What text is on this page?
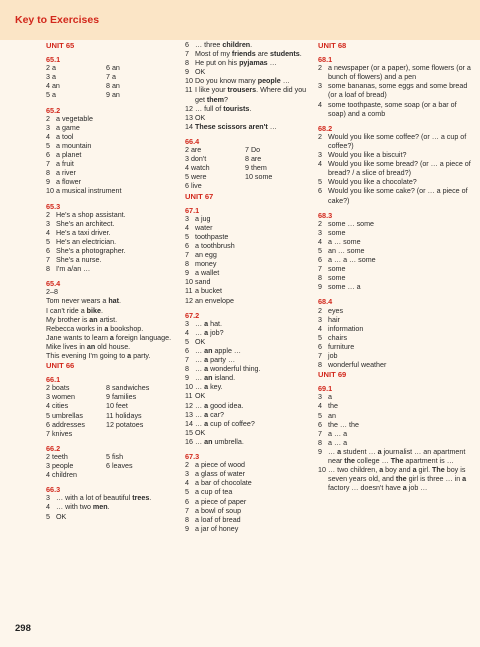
Key to Exercises
UNIT 65
65.1
2 a	6 an
3 a	7 a
4 an	8 an
5 a	9 an
65.2
2 a vegetable
3 a game
4 a tool
5 a mountain
6 a planet
7 a fruit
8 a river
9 a flower
10 a musical instrument
65.3
2 He's a shop assistant.
3 She's an architect.
4 He's a taxi driver.
5 He's an electrician.
6 She's a photographer.
7 She's a nurse.
8 I'm a/an …
65.4
2–8
Tom never wears a hat.
I can't ride a bike.
My brother is an artist.
Rebecca works in a bookshop.
Jane wants to learn a foreign language.
Mike lives in an old house.
This evening I'm going to a party.
UNIT 66
66.1
2 boats	8 sandwiches
3 women	9 families
4 cities	10 feet
5 umbrellas	11 holidays
6 addresses	12 potatoes
7 knives
66.2
2 teeth	5 fish
3 people	6 leaves
4 children
66.3
3 … with a lot of beautiful trees.
4 … with two men.
5 OK
6 … three children.
7 Most of my friends are students.
8 He put on his pyjamas …
9 OK
10 Do you know many people …
11 I like your trousers. Where did you get them?
12 … full of tourists.
13 OK
14 These scissors aren't …
66.4
2 are	7 Do
3 don't	8 are
4 watch	9 them
5 were	10 some
6 live
UNIT 67
67.1
3 a jug
4 water
5 toothpaste
6 a toothbrush
7 an egg
8 money
9 a wallet
10 sand
11 a bucket
12 an envelope
67.2
3 … a hat.
4 … a job?
5 OK
6 … an apple …
7 … a party …
8 … a wonderful thing.
9 … an island.
10 … a key.
11 OK
12 … a good idea.
13 … a car?
14 … a cup of coffee?
15 OK
16 … an umbrella.
67.3
2 a piece of wood
3 a glass of water
4 a bar of chocolate
5 a cup of tea
6 a piece of paper
7 a bowl of soup
8 a loaf of bread
9 a jar of honey
UNIT 68
68.1
2 a newspaper (or a paper), some flowers (or a bunch of flowers) and a pen
3 some bananas, some eggs and some bread (or a loaf of bread)
4 some toothpaste, some soap (or a bar of soap) and a comb
68.2
2 Would you like some coffee? (or … a cup of coffee?)
3 Would you like a biscuit?
4 Would you like some bread? (or … a piece of bread? / a slice of bread?)
5 Would you like a chocolate?
6 Would you like some cake? (or … a piece of cake?)
68.3
2 some … some
3 some
4 a … some
5 an … some
6 a … a … some
7 some
8 some
9 some … a
68.4
2 eyes
3 hair
4 information
5 chairs
6 furniture
7 job
8 wonderful weather
UNIT 69
69.1
3 a
4 the
5 an
6 the … the
7 a … a
8 a … a
9 … a student … a journalist … an apartment near the college … The apartment is …
10 … two children, a boy and a girl. The boy is seven years old, and the girl is three … in a factory … doesn't have a job …
298
